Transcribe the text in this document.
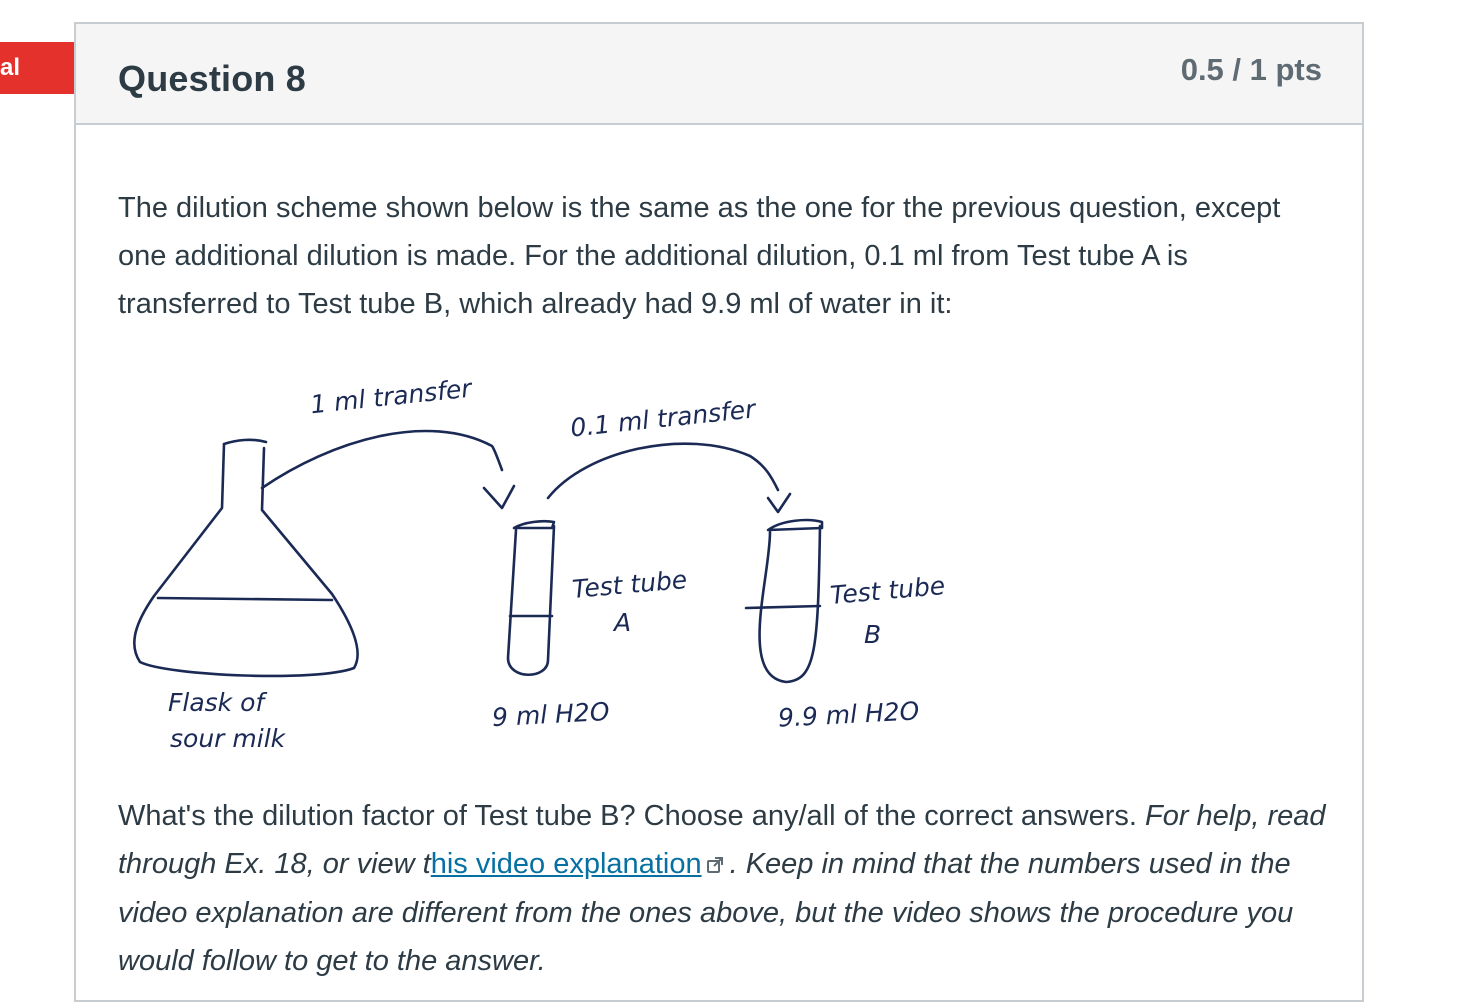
al	Question 8	0.5 / 1 pts

The dilution scheme shown below is the same as the one for the previous question, except one additional dilution is made. For the additional dilution, 0.1 ml from Test tube A is transferred to Test tube B, which already had 9.9 ml of water in it:

1 ml transfer	0.1 ml transfer
Test tube
A
Test tube
B
Flask of
sour milk
9 ml H2O	9.9 ml H2O

What's the dilution factor of Test tube B? Choose any/all of the correct answers. For help, read through Ex. 18, or view this video explanation . Keep in mind that the numbers used in the video explanation are different from the ones above, but the video shows the procedure you would follow to get to the answer.
